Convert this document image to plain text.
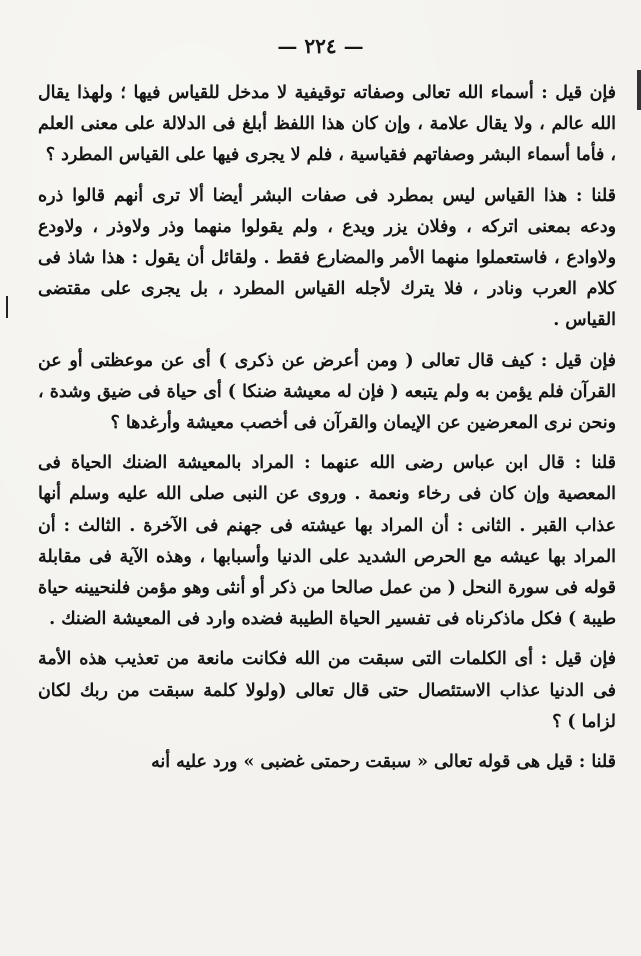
— ٢٢٤ —

فإن قيل : أسماء الله تعالى وصفاته توقيفية لا مدخل للقياس فيها ؛ ولهذا يقال الله عالم ، ولا يقال علامة ، وإن كان هذا اللفظ أبلغ فى الدلالة على معنى العلم ، فأما أسماء البشر وصفاتهم فقياسية ، فلم لا يجرى فيها على القياس المطرد ؟

قلنا : هذا القياس ليس بمطرد فى صفات البشر أيضا ألا ترى أنهم قالوا ذره ودعه بمعنى اتركه ، وفلان يزر ويدع ، ولم يقولوا منهما وذر ولاوذر ، ولاودع ولاوادع ، فاستعملوا منهما الأمر والمضارع فقط . ولقائل أن يقول : هذا شاذ فى كلام العرب ونادر ، فلا يترك لأجله القياس المطرد ، بل يجرى على مقتضى القياس .

فإن قيل : كيف قال تعالى ( ومن أعرض عن ذكرى ) أى عن موعظتى أو عن القرآن فلم يؤمن به ولم يتبعه ( فإن له معيشة ضنكا ) أى حياة فى ضيق وشدة ، ونحن نرى المعرضين عن الإيمان والقرآن فى أخصب معيشة وأرغدها ؟

قلنا : قال ابن عباس رضى الله عنهما : المراد بالمعيشة الضنك الحياة فى المعصية وإن كان فى رخاء ونعمة . وروى عن النبى صلى الله عليه وسلم أنها عذاب القبر . الثانى : أن المراد بها عيشته فى جهنم فى الآخرة . الثالث : أن المراد بها عيشه مع الحرص الشديد على الدنيا وأسبابها ، وهذه الآية فى مقابلة قوله فى سورة النحل ( من عمل صالحا من ذكر أو أنثى وهو مؤمن فلنحيينه حياة طيبة ) فكل ماذكرناه فى تفسير الحياة الطيبة فضده وارد فى المعيشة الضنك .

فإن قيل : أى الكلمات التى سبقت من الله فكانت مانعة من تعذيب هذه الأمة فى الدنيا عذاب الاستئصال حتى قال تعالى (ولولا كلمة سبقت من ربك لكان لزاما ) ؟

قلنا : قيل هى قوله تعالى « سبقت رحمتى غضبى » ورد عليه أنه
